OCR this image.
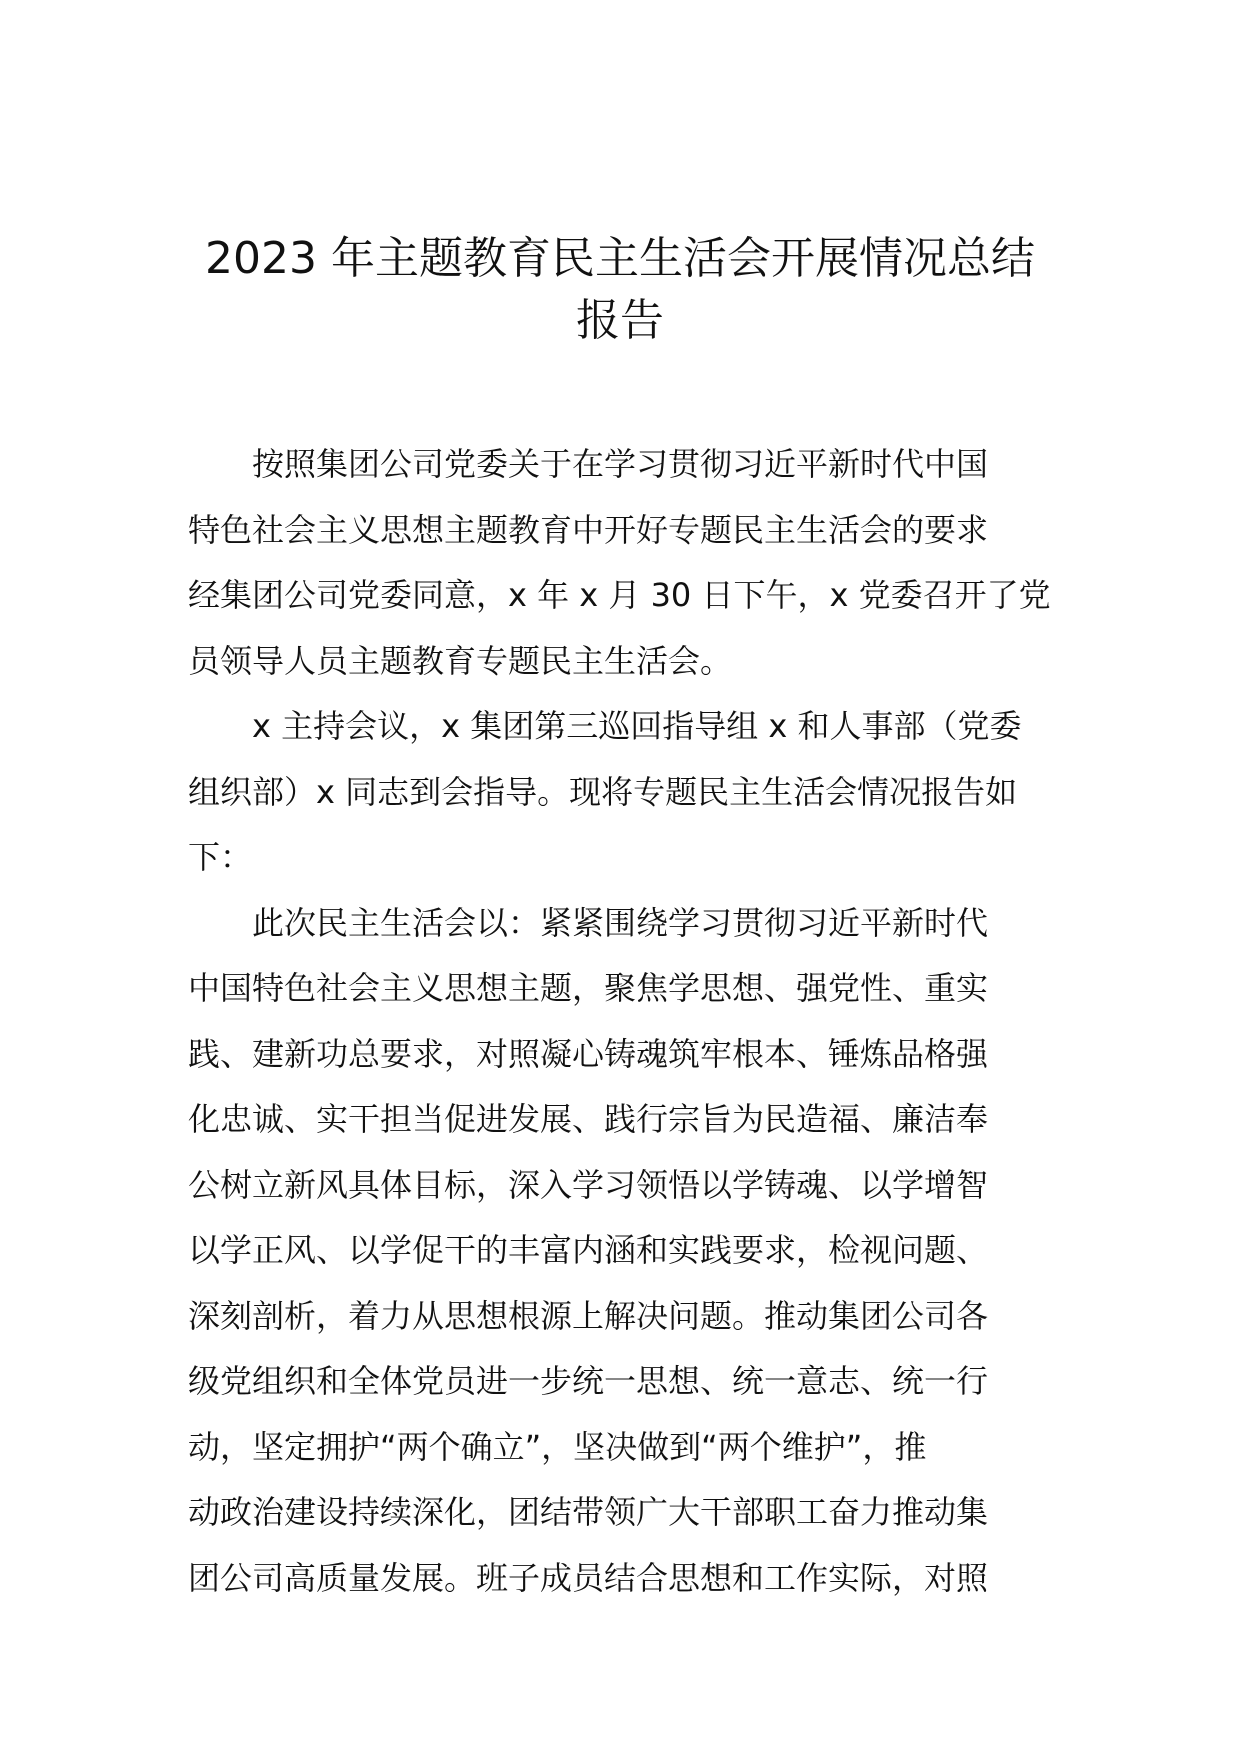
2023 年主题教育民主生活会开展情况总结
报告

按照集团公司党委关于在学习贯彻习近平新时代中国
特色社会主义思想主题教育中开好专题民主生活会的要求
经集团公司党委同意，x 年 x 月 30 日下午，x 党委召开了党
员领导人员主题教育专题民主生活会。

x 主持会议，x 集团第三巡回指导组 x 和人事部（党委
组织部）x 同志到会指导。现将专题民主生活会情况报告如
下：

此次民主生活会以：紧紧围绕学习贯彻习近平新时代
中国特色社会主义思想主题，聚焦学思想、强党性、重实
践、建新功总要求，对照凝心铸魂筑牢根本、锤炼品格强
化忠诚、实干担当促进发展、践行宗旨为民造福、廉洁奉
公树立新风具体目标，深入学习领悟以学铸魂、以学增智
以学正风、以学促干的丰富内涵和实践要求，检视问题、
深刻剖析，着力从思想根源上解决问题。推动集团公司各
级党组织和全体党员进一步统一思想、统一意志、统一行
动，坚定拥护“两个确立”，坚决做到“两个维护”，推
动政治建设持续深化，团结带领广大干部职工奋力推动集
团公司高质量发展。班子成员结合思想和工作实际，对照
